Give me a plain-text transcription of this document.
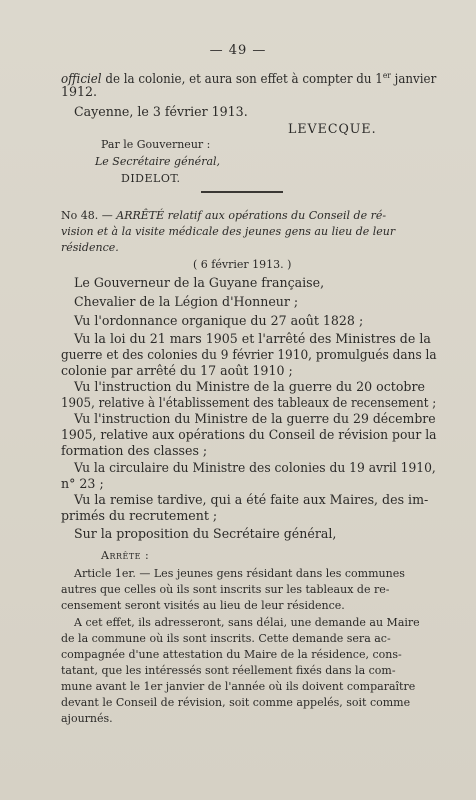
— 49 —
officiel de la colonie, et aura son effet à compter du 1er janvier
1912.
Cayenne, le 3 février 1913.
LEVECQUE.
Par le Gouverneur :
Le Secrétaire général,
DIDELOT.
No 48. — ARRÊTÉ relatif aux opérations du Conseil de ré-
vision et à la visite médicale des jeunes gens au lieu de leur
résidence.
( 6 février 1913. )
Le Gouverneur de la Guyane française,
Chevalier de la Légion d'Honneur ;
Vu l'ordonnance organique du 27 août 1828 ;
Vu la loi du 21 mars 1905 et l'arrêté des Ministres de la
guerre et des colonies du 9 février 1910, promulgués dans la
colonie par arrêté du 17 août 1910 ;
Vu l'instruction du Ministre de la guerre du 20 octobre
1905, relative à l'établissement des tableaux de recensement ;
Vu l'instruction du Ministre de la guerre du 29 décembre
1905, relative aux opérations du Conseil de révision pour la
formation des classes ;
Vu la circulaire du Ministre des colonies du 19 avril 1910,
n° 23 ;
Vu la remise tardive, qui a été faite aux Maires, des im-
primés du recrutement ;
Sur la proposition du Secrétaire général,
Arrête :
Article 1er. — Les jeunes gens résidant dans les communes
autres que celles où ils sont inscrits sur les tableaux de re-
censement seront visités au lieu de leur résidence.
A cet effet, ils adresseront, sans délai, une demande au Maire
de la commune où ils sont inscrits. Cette demande sera ac-
compagnée d'une attestation du Maire de la résidence, cons-
tatant, que les intéressés sont réellement fixés dans la com-
mune avant le 1er janvier de l'année où ils doivent comparaître
devant le Conseil de révision, soit comme appelés, soit comme
ajournés.
